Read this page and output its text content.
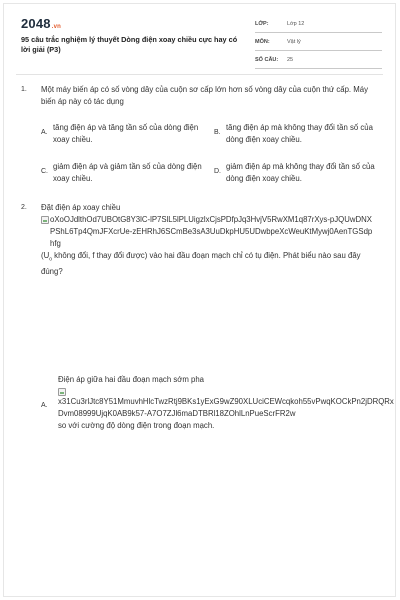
2048.vn
95 câu trắc nghiệm lý thuyết Dòng điện xoay chiều cực hay có lời giải (P3)
LỚP:	Lớp 12
MÔN:	Vật lý
SỐ CÂU: 25
1. Một máy biến áp có số vòng dây của cuộn sơ cấp lớn hơn số vòng dây của cuộn thứ cấp. Máy biến áp này có tác dụng
A.
tăng điện áp và tăng tần số của dòng điện xoay chiều.
B.
tăng điện áp mà không thay đổi tần số của dòng điện xoay chiều.
C.
giảm điện áp và giảm tần số của dòng điện xoay chiều.
D.
giảm điện áp mà không thay đổi tần số của dòng điện xoay chiều.
2. Đặt điện áp xoay chiều
oXoOJdlthOd7UBOtG8Y3lC-lP7SlL5lPLUigzlxCjsPDfpJq3HvjV5RwXM1q87rXys-pJQUwDNXPShL6Tp4QmJFXcrUe-zEHRhJ6SCmBe3sA3UuDkpHU5UDwbpeXcWeuKtMywj0AenTGSdphfg
($U_o$ không đổi, f thay đổi được) vào hai đầu đoạn mạch chỉ có tụ điện. Phát biểu nào sau đây đúng?
A.
Điện áp giữa hai đầu đoạn mạch sớm pha
x31Cu3rlJtc8Y51MmuvhHlcTwzRtj9BKs1yExG9wZ90XLUciCEWcqkoh55vPwqKOCkPn2jDRQRxDvm08999UjqK0AB9k57-A7O7ZJl6maDTBRl18ZOhlLnPueScrFR2w
so với cường độ dòng điện trong đoạn mạch.
